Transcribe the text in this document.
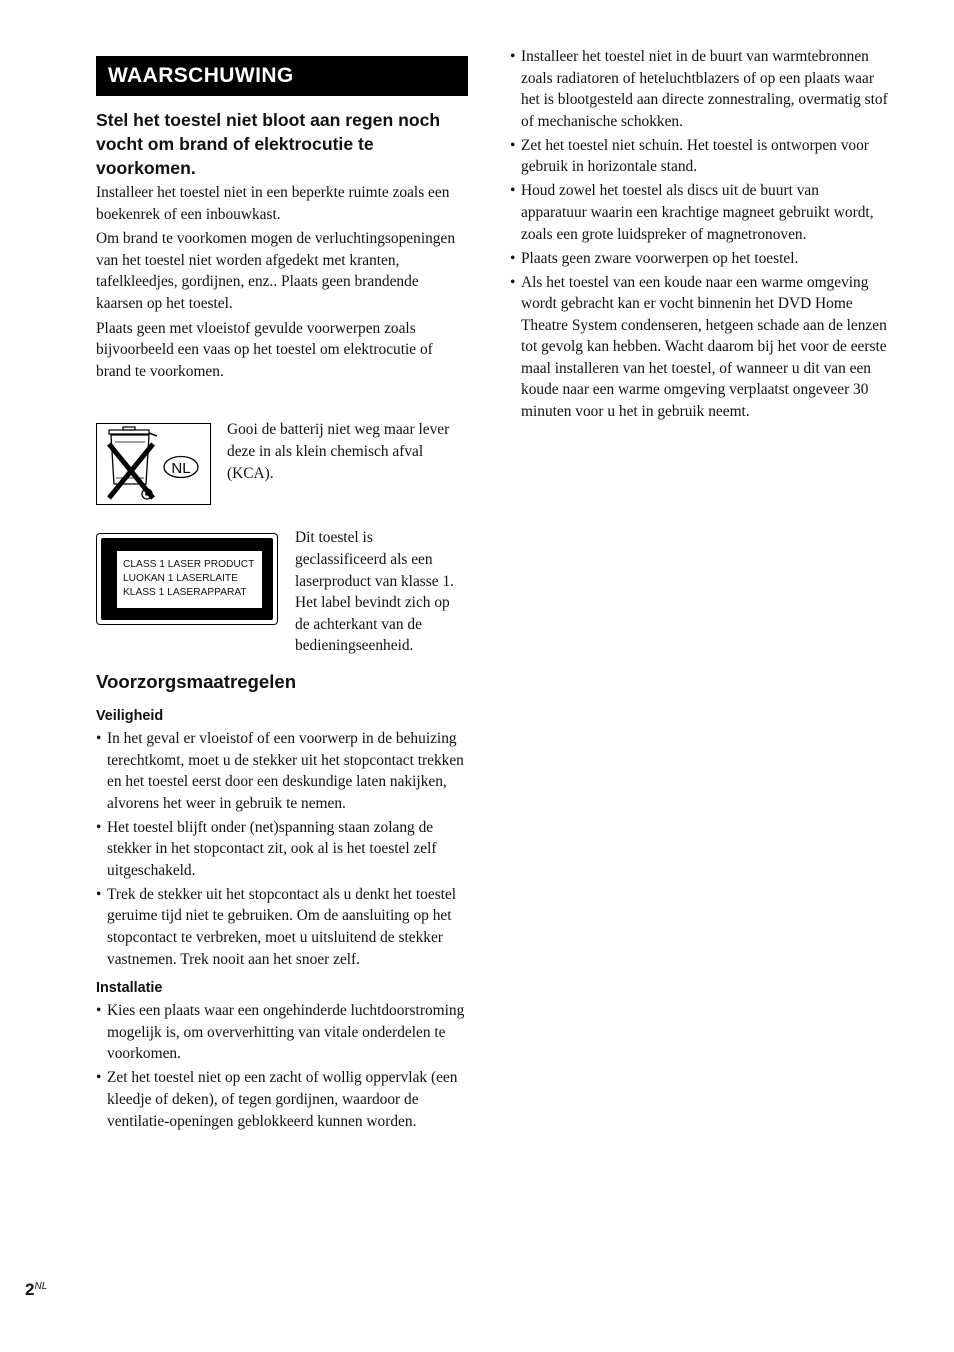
WAARSCHUWING
Stel het toestel niet bloot aan regen noch vocht om brand of elektrocutie te voorkomen.

Installeer het toestel niet in een beperkte ruimte zoals een boekenrek of een inbouwkast.

Om brand te voorkomen mogen de verluchtingsopeningen van het toestel niet worden afgedekt met kranten, tafelkleedjes, gordijnen, enz.. Plaats geen brandende kaarsen op het toestel.

Plaats geen met vloeistof gevulde voorwerpen zoals bijvoorbeeld een vaas op het toestel om elektrocutie of brand te voorkomen.

NL
Gooi de batterij niet weg maar lever deze in als klein chemisch afval (KCA).
CLASS 1 LASER PRODUCT
LUOKAN 1 LASERLAITE
KLASS 1 LASERAPPARAT
Dit toestel is geclassificeerd als een laserproduct van klasse 1. Het label bevindt zich op de achterkant van de bedieningseenheid.
Voorzorgsmaatregelen
Veiligheid
• In het geval er vloeistof of een voorwerp in de behuizing terechtkomt, moet u de stekker uit het stopcontact trekken en het toestel eerst door een deskundige laten nakijken, alvorens het weer in gebruik te nemen.
• Het toestel blijft onder (net)spanning staan zolang de stekker in het stopcontact zit, ook al is het toestel zelf uitgeschakeld.
• Trek de stekker uit het stopcontact als u denkt het toestel geruime tijd niet te gebruiken. Om de aansluiting op het stopcontact te verbreken, moet u uitsluitend de stekker vastnemen. Trek nooit aan het snoer zelf.
Installatie
• Kies een plaats waar een ongehinderde luchtdoorstroming mogelijk is, om oververhitting van vitale onderdelen te voorkomen.
• Zet het toestel niet op een zacht of wollig oppervlak (een kleedje of deken), of tegen gordijnen, waardoor de ventilatie-openingen geblokkeerd kunnen worden.
• Installeer het toestel niet in de buurt van warmtebronnen zoals radiatoren of heteluchtblazers of op een plaats waar het is blootgesteld aan directe zonnestraling, overmatig stof of mechanische schokken.
• Zet het toestel niet schuin. Het toestel is ontworpen voor gebruik in horizontale stand.
• Houd zowel het toestel als discs uit de buurt van apparatuur waarin een krachtige magneet gebruikt wordt, zoals een grote luidspreker of magnetronoven.
• Plaats geen zware voorwerpen op het toestel.
• Als het toestel van een koude naar een warme omgeving wordt gebracht kan er vocht binnenin het DVD Home Theatre System condenseren, hetgeen schade aan de lenzen tot gevolg kan hebben. Wacht daarom bij het voor de eerste maal installeren van het toestel, of wanneer u dit van een koude naar een warme omgeving verplaatst ongeveer 30 minuten voor u het in gebruik neemt.
$2^{NL}$
